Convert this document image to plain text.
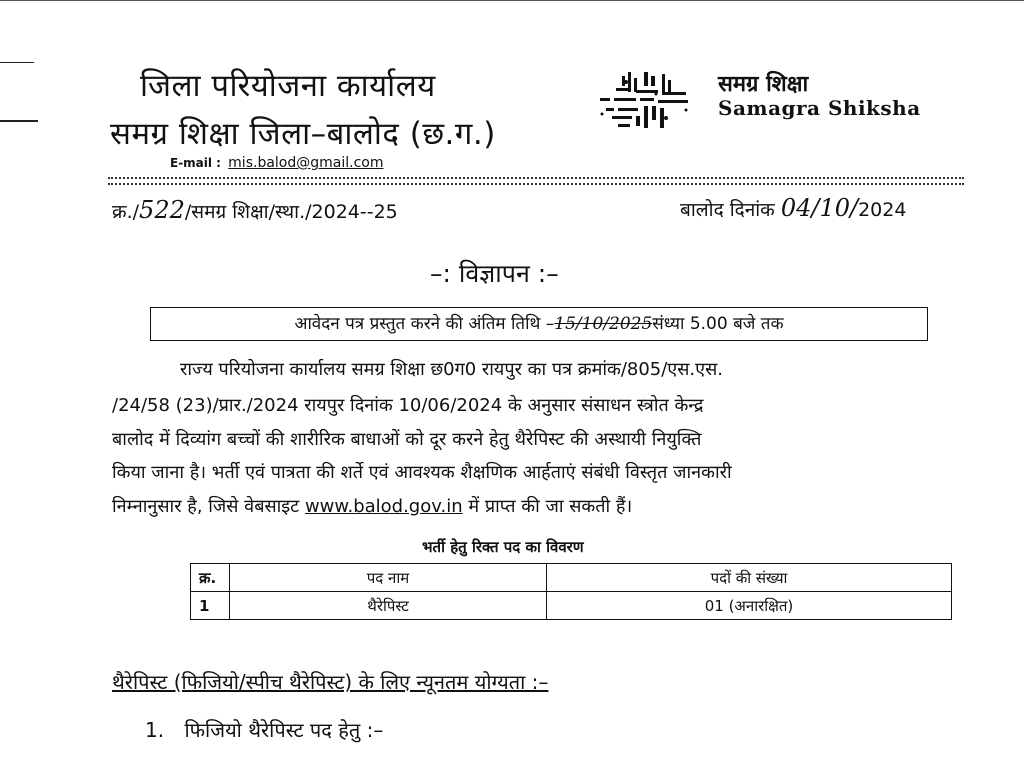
जिला परियोजना कार्यालय
समग्र शिक्षा जिला–बालोद (छ.ग.)
E-mail : mis.balod@gmail.com
समग्र शिक्षा
Samagra Shiksha
क्र./522/समग्र शिक्षा/स्था./2024--25	बालोद दिनांक 04/10/2024
–: विज्ञापन :–
आवेदन पत्र प्रस्तुत करने की अंतिम तिथि –15/10/2025संध्या 5.00 बजे तक
राज्य परियोजना कार्यालय समग्र शिक्षा छ0ग0 रायपुर का पत्र क्रमांक/805/एस.एस.
/24/58 (23)/प्रार./2024 रायपुर दिनांक 10/06/2024 के अनुसार संसाधन स्त्रोत केन्द्र
बालोद में दिव्यांग बच्चों की शारीरिक बाधाओं को दूर करने हेतु थैरेपिस्ट की अस्थायी नियुक्ति
किया जाना है। भर्ती एवं पात्रता की शर्ते एवं आवश्यक शैक्षणिक आर्हताएं संबंधी विस्तृत जानकारी
निम्नानुसार है, जिसे वेबसाइट www.balod.gov.in में प्राप्त की जा सकती हैं।
भर्ती हेतु रिक्त पद का विवरण
क्र.	पद नाम	पदों की संख्या
1	थैरेपिस्ट	01 (अनारक्षित)
थैरेपिस्ट (फिजियो/स्पीच थैरेपिस्ट) के लिए न्यूनतम योग्यता :–
1. फिजियो थैरेपिस्ट पद हेतु :–
